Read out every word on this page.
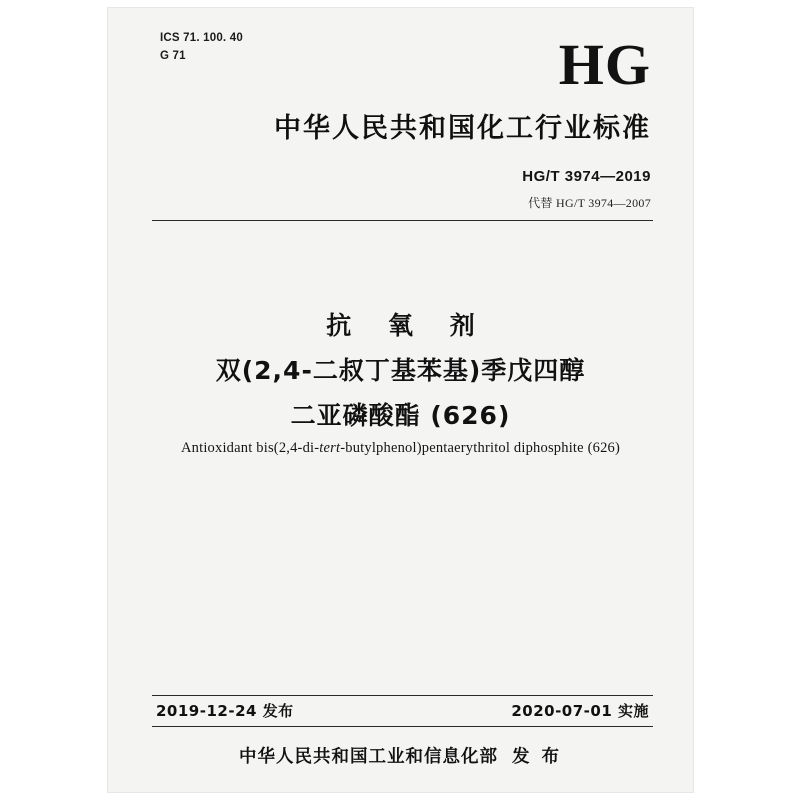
ICS 71. 100. 40
G 71	HG
中华人民共和国化工行业标准
HG/T 3974—2019
代替 HG/T 3974—2007
抗 氧 剂
双(2,4-二叔丁基苯基)季戊四醇
二亚磷酸酯 (626)
Antioxidant bis(2,4-di-tert-butylphenol)pentaerythritol diphosphite (626)
2019-12-24 发布	2020-07-01 实施
中华人民共和国工业和信息化部 发 布
